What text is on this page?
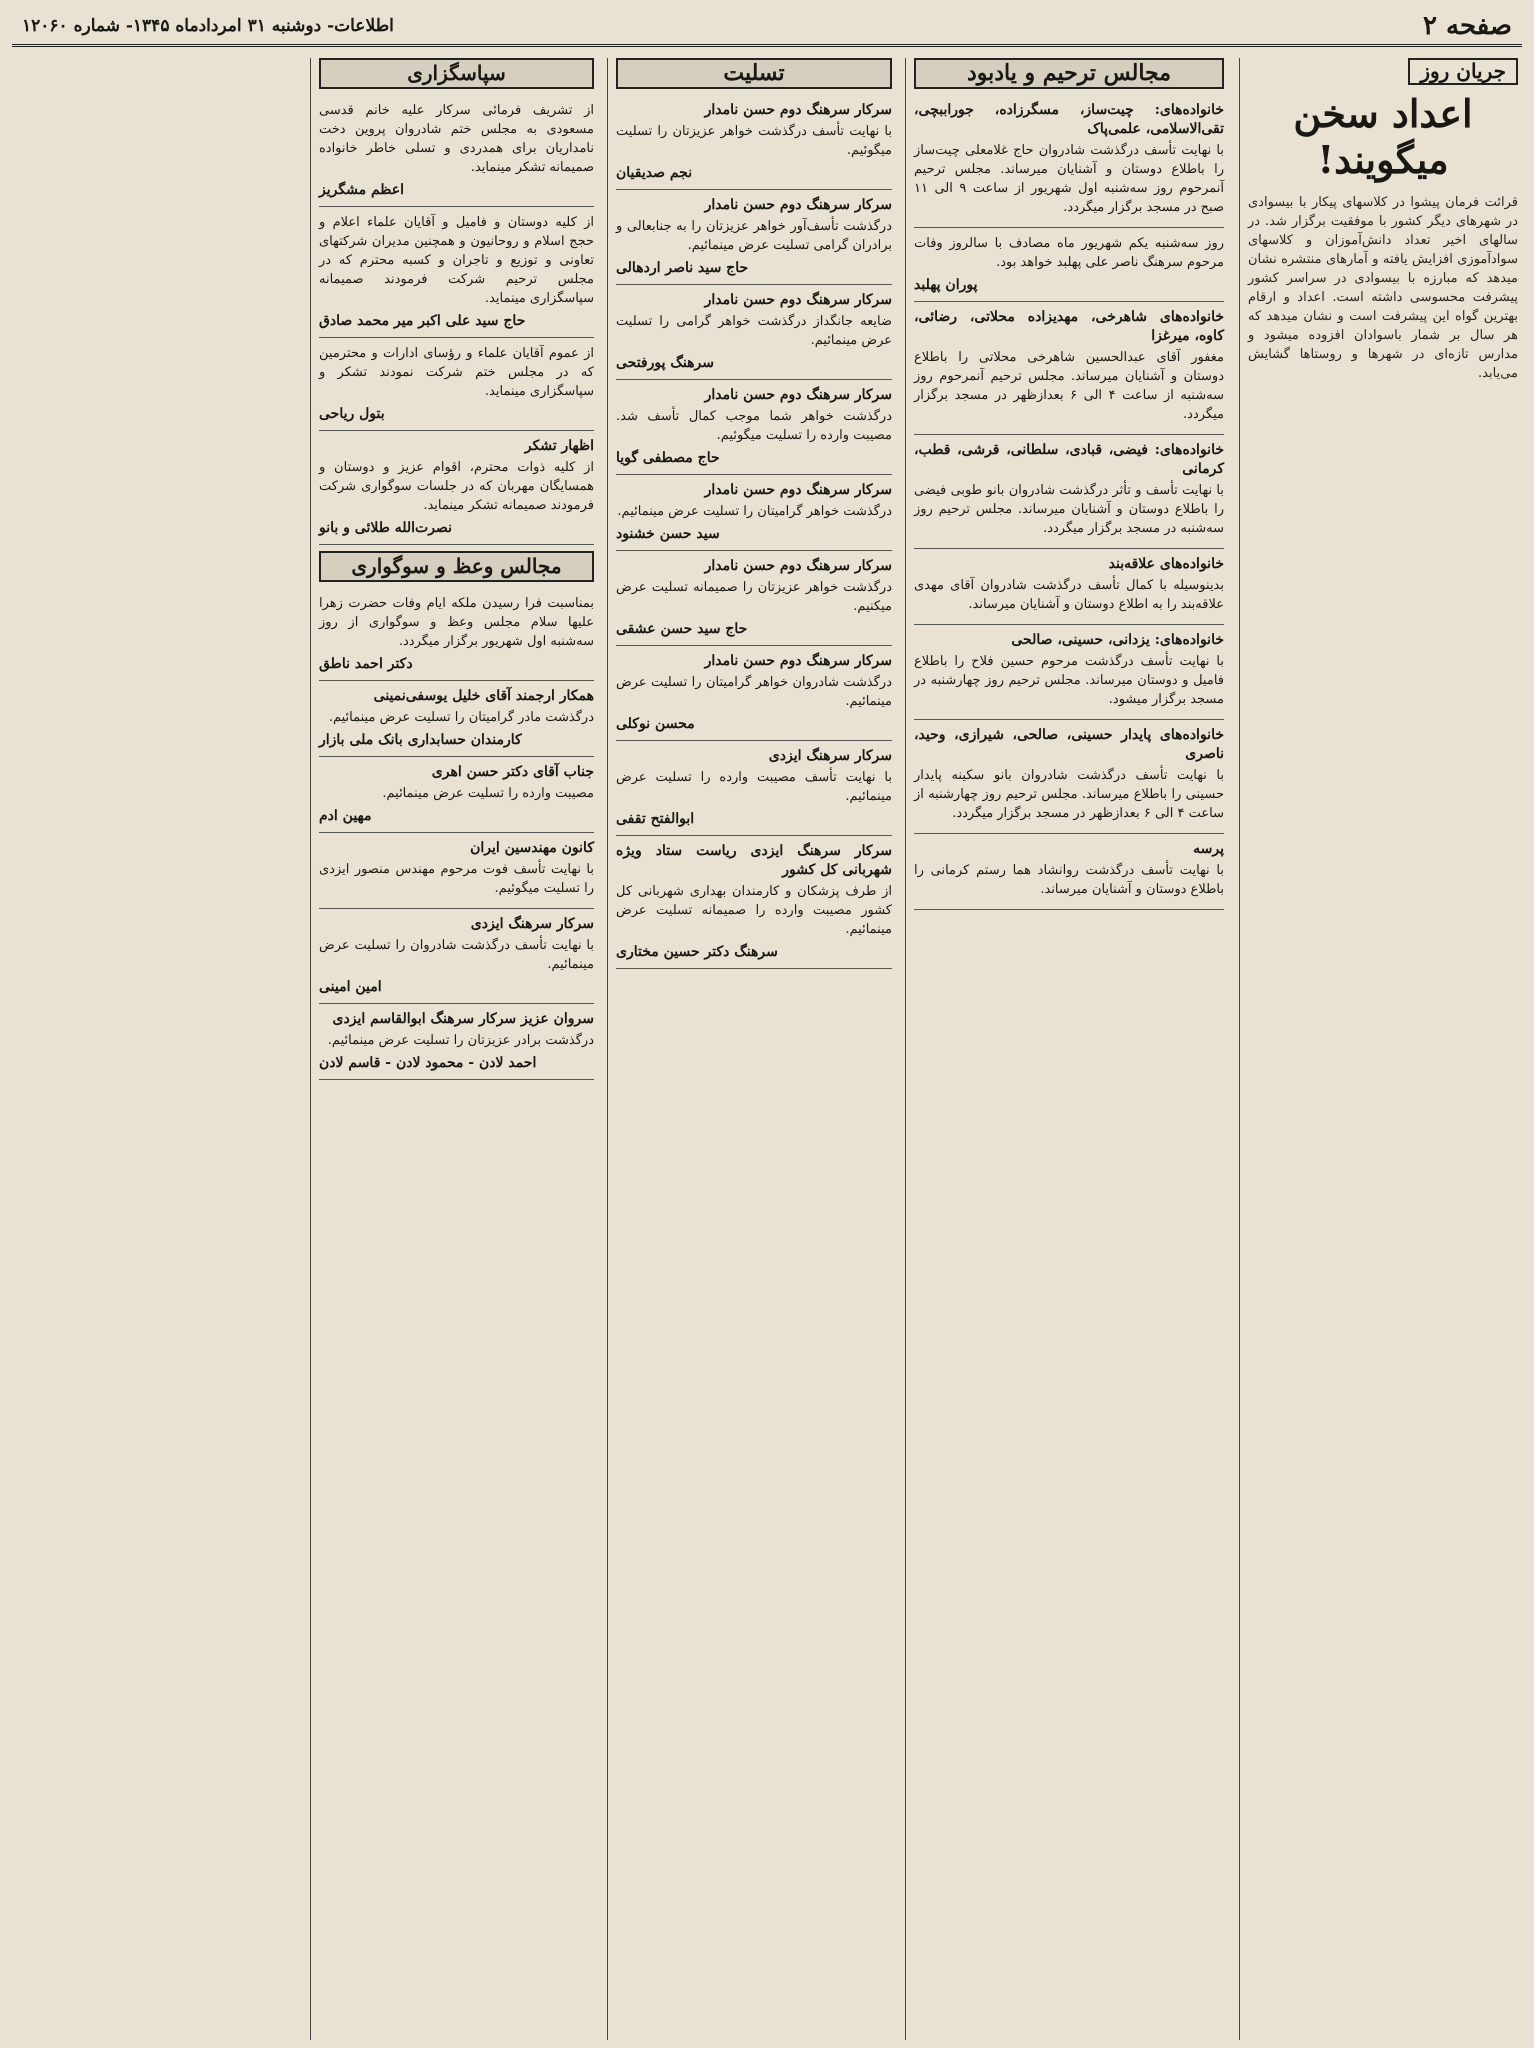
صفحه ۲
اطلاعات- دوشنبه ۳۱ امردادماه ۱۳۴۵- شماره ۱۲۰۶۰
جریان روز
اعداد سخن میگویند!

قرائت فرمان پیشوا در کلاسهای پیکار با بیسوادی در شهرهای دیگر کشور با موفقیت برگزار شد. در سالهای اخیر تعداد دانش‌آموزان و کلاسهای سوادآموزی افزایش یافته و آمارهای منتشره نشان میدهد که مبارزه با بیسوادی در سراسر کشور پیشرفت محسوسی داشته است. اعداد و ارقام بهترین گواه این پیشرفت است و نشان میدهد که هر سال بر شمار باسوادان افزوده میشود و مدارس تازه‌ای در شهرها و روستاها گشایش می‌یابد.

مجالس ترحیم و یادبود
خانواده‌های: چیت‌ساز، مسگرزاده، جوراببچی، تقی‌الاسلامی، علمی‌پاک

با نهایت تأسف درگذشت شادروان حاج غلامعلی چیت‌ساز را باطلاع دوستان و آشنایان میرساند. مجلس ترحیم آنمرحوم روز سه‌شنبه اول شهریور از ساعت ۹ الی ۱۱ صبح در مسجد برگزار میگردد.

روز سه‌شنبه یکم شهریور ماه مصادف با سالروز وفات مرحوم سرهنگ ناصر علی پهلبد خواهد بود.

پوران پهلبد
خانواده‌های شاهرخی، مهدیزاده محلاتی، رضائی، کاوه، میرغزا

مغفور آقای عبدالحسین شاهرخی محلاتی را باطلاع دوستان و آشنایان میرساند. مجلس ترحیم آنمرحوم روز سه‌شنبه از ساعت ۴ الی ۶ بعدازظهر در مسجد برگزار میگردد.

خانواده‌های: فیضی، قبادی، سلطانی، قرشی، قطب، کرمانی

با نهایت تأسف و تأثر درگذشت شادروان بانو طوبی فیضی را باطلاع دوستان و آشنایان میرساند. مجلس ترحیم روز سه‌شنبه در مسجد برگزار میگردد.

خانواده‌های علاقه‌بند

بدینوسیله با کمال تأسف درگذشت شادروان آقای مهدی علاقه‌بند را به اطلاع دوستان و آشنایان میرساند.

خانواده‌های: یزدانی، حسینی، صالحی

با نهایت تأسف درگذشت مرحوم حسین فلاح را باطلاع فامیل و دوستان میرساند. مجلس ترحیم روز چهارشنبه در مسجد برگزار میشود.

خانواده‌های پایدار حسینی، صالحی، شیرازی، وحید، ناصری

با نهایت تأسف درگذشت شادروان بانو سکینه پایدار حسینی را باطلاع میرساند. مجلس ترحیم روز چهارشنبه از ساعت ۴ الی ۶ بعدازظهر در مسجد برگزار میگردد.

پرسه

با نهایت تأسف درگذشت روانشاد هما رستم کرمانی را باطلاع دوستان و آشنایان میرساند.

تسلیت
سرکار سرهنگ دوم حسن نامدار

با نهایت تأسف درگذشت خواهر عزیزتان را تسلیت میگوئیم.

نجم صدیقیان
سرکار سرهنگ دوم حسن نامدار

درگذشت تأسف‌آور خواهر عزیزتان را به جنابعالی و برادران گرامی تسلیت عرض مینمائیم.

حاج سید ناصر اردهالی
سرکار سرهنگ دوم حسن نامدار

ضایعه جانگداز درگذشت خواهر گرامی را تسلیت عرض مینمائیم.

سرهنگ پورفتحی
سرکار سرهنگ دوم حسن نامدار

درگذشت خواهر شما موجب کمال تأسف شد. مصیبت وارده را تسلیت میگوئیم.

حاج مصطفی گویا
سرکار سرهنگ دوم حسن نامدار

درگذشت خواهر گرامیتان را تسلیت عرض مینمائیم.

سید حسن خشنود
سرکار سرهنگ دوم حسن نامدار

درگذشت خواهر عزیزتان را صمیمانه تسلیت عرض میکنیم.

حاج سید حسن عشقی
سرکار سرهنگ دوم حسن نامدار

درگذشت شادروان خواهر گرامیتان را تسلیت عرض مینمائیم.

محسن نوکلی
سرکار سرهنگ ایزدی

با نهایت تأسف مصیبت وارده را تسلیت عرض مینمائیم.

ابوالفتح تقفی
سرکار سرهنگ ایزدی ریاست ستاد ویژه شهربانی کل کشور

از طرف پزشکان و کارمندان بهداری شهربانی کل کشور مصیبت وارده را صمیمانه تسلیت عرض مینمائیم.

سرهنگ دکتر حسین مختاری
سپاسگزاری

از تشریف فرمائی سرکار علیه خانم قدسی مسعودی به مجلس ختم شادروان پروین دخت نامداریان برای همدردی و تسلی خاطر خانواده صمیمانه تشکر مینماید.

اعظم مشگریز

از کلیه دوستان و فامیل و آقایان علماء اعلام و حجج اسلام و روحانیون و همچنین مدیران شرکتهای تعاونی و توزیع و تاجران و کسبه محترم که در مجلس ترحیم شرکت فرمودند صمیمانه سپاسگزاری مینماید.

حاج سید علی اکبر میر محمد صادق

از عموم آقایان علماء و رؤسای ادارات و محترمین که در مجلس ختم شرکت نمودند تشکر و سپاسگزاری مینماید.

بتول ریاحی
اظهار تشکر

از کلیه ذوات محترم، اقوام عزیز و دوستان و همسایگان مهربان که در جلسات سوگواری شرکت فرمودند صمیمانه تشکر مینماید.

نصرت‌الله طلائی و بانو
مجالس وعظ و سوگواری

بمناسبت فرا رسیدن ملکه ایام وفات حضرت زهرا علیها سلام مجلس وعظ و سوگواری از روز سه‌شنبه اول شهریور برگزار میگردد.

دکتر احمد ناطق
همکار ارجمند آقای خلیل یوسفی‌نمینی

درگذشت مادر گرامیتان را تسلیت عرض مینمائیم.

کارمندان حسابداری بانک ملی بازار
جناب آقای دکتر حسن اهری

مصیبت وارده را تسلیت عرض مینمائیم.

مهین ادم
کانون مهندسین ایران

با نهایت تأسف فوت مرحوم مهندس منصور ایزدی را تسلیت میگوئیم.

سرکار سرهنگ ایزدی

با نهایت تأسف درگذشت شادروان را تسلیت عرض مینمائیم.

امین امینی
سروان عزیز سرکار سرهنگ ابوالقاسم ایزدی

درگذشت برادر عزیزتان را تسلیت عرض مینمائیم.

احمد لادن - محمود لادن - قاسم لادن
